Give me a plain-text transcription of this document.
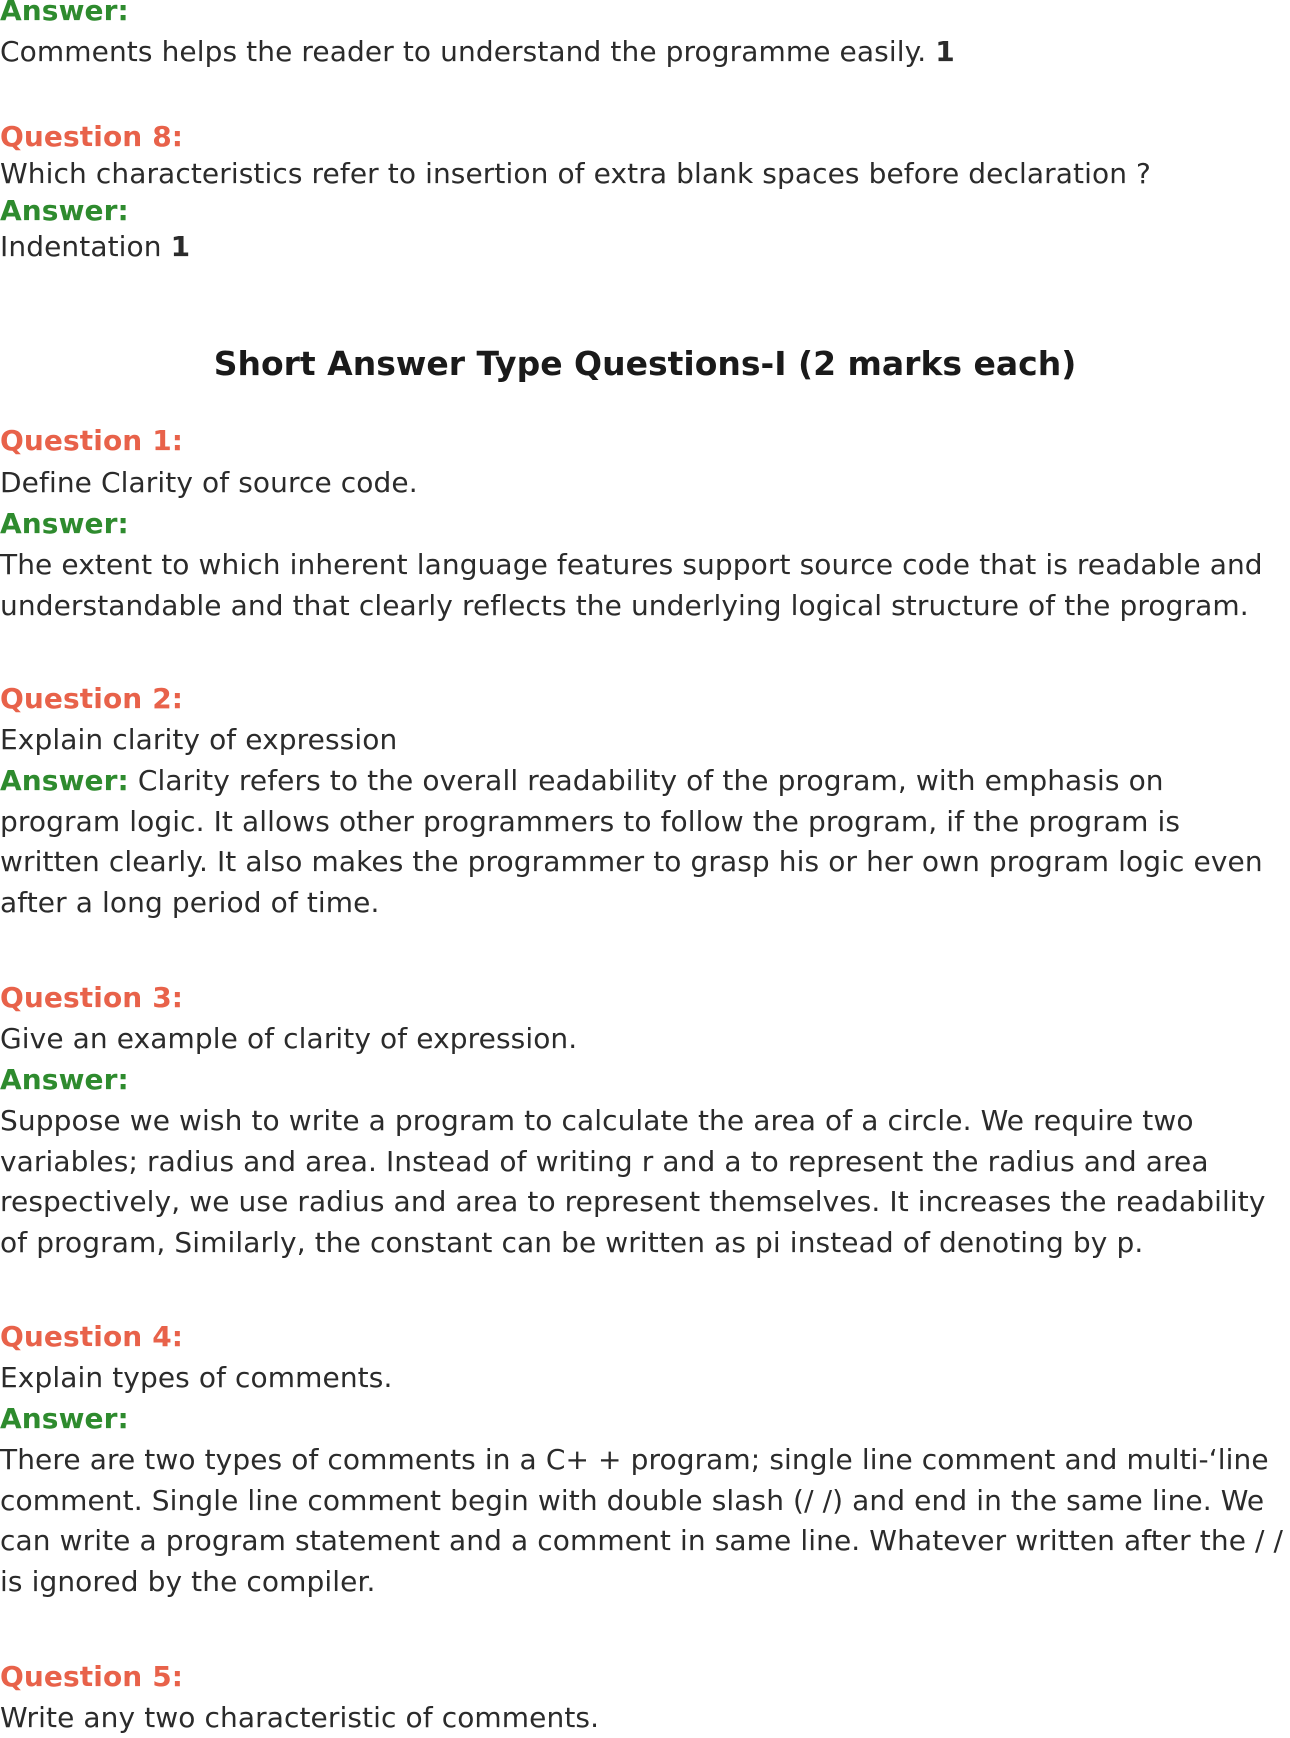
Answer:
Comments helps the reader to understand the programme easily. 1
Question 8:
Which characteristics refer to insertion of extra blank spaces before declaration ?
Answer:
Indentation 1
Short Answer Type Questions-I (2 marks each)
Question 1:
Define Clarity of source code.
Answer:

The extent to which inherent language features support source code that is readable and understandable and that clearly reflects the underlying logical structure of the program.

Question 2:
Explain clarity of expression

Answer: Clarity refers to the overall readability of the program, with emphasis on program logic. It allows other programmers to follow the program, if the program is written clearly. It also makes the programmer to grasp his or her own program logic even after a long period of time.

Question 3:
Give an example of clarity of expression.
Answer:

Suppose we wish to write a program to calculate the area of a circle. We require two variables; radius and area. Instead of writing r and a to represent the radius and area respectively, we use radius and area to represent themselves. It increases the readability of program, Similarly, the constant can be written as pi instead of denoting by p.

Question 4:
Explain types of comments.
Answer:

There are two types of comments in a C+ + program; single line comment and multi-‘line comment. Single line comment begin with double slash (/ /) and end in the same line. We can write a program statement and a comment in same line. Whatever written after the / / is ignored by the compiler.

Question 5:
Write any two characteristic of comments.
